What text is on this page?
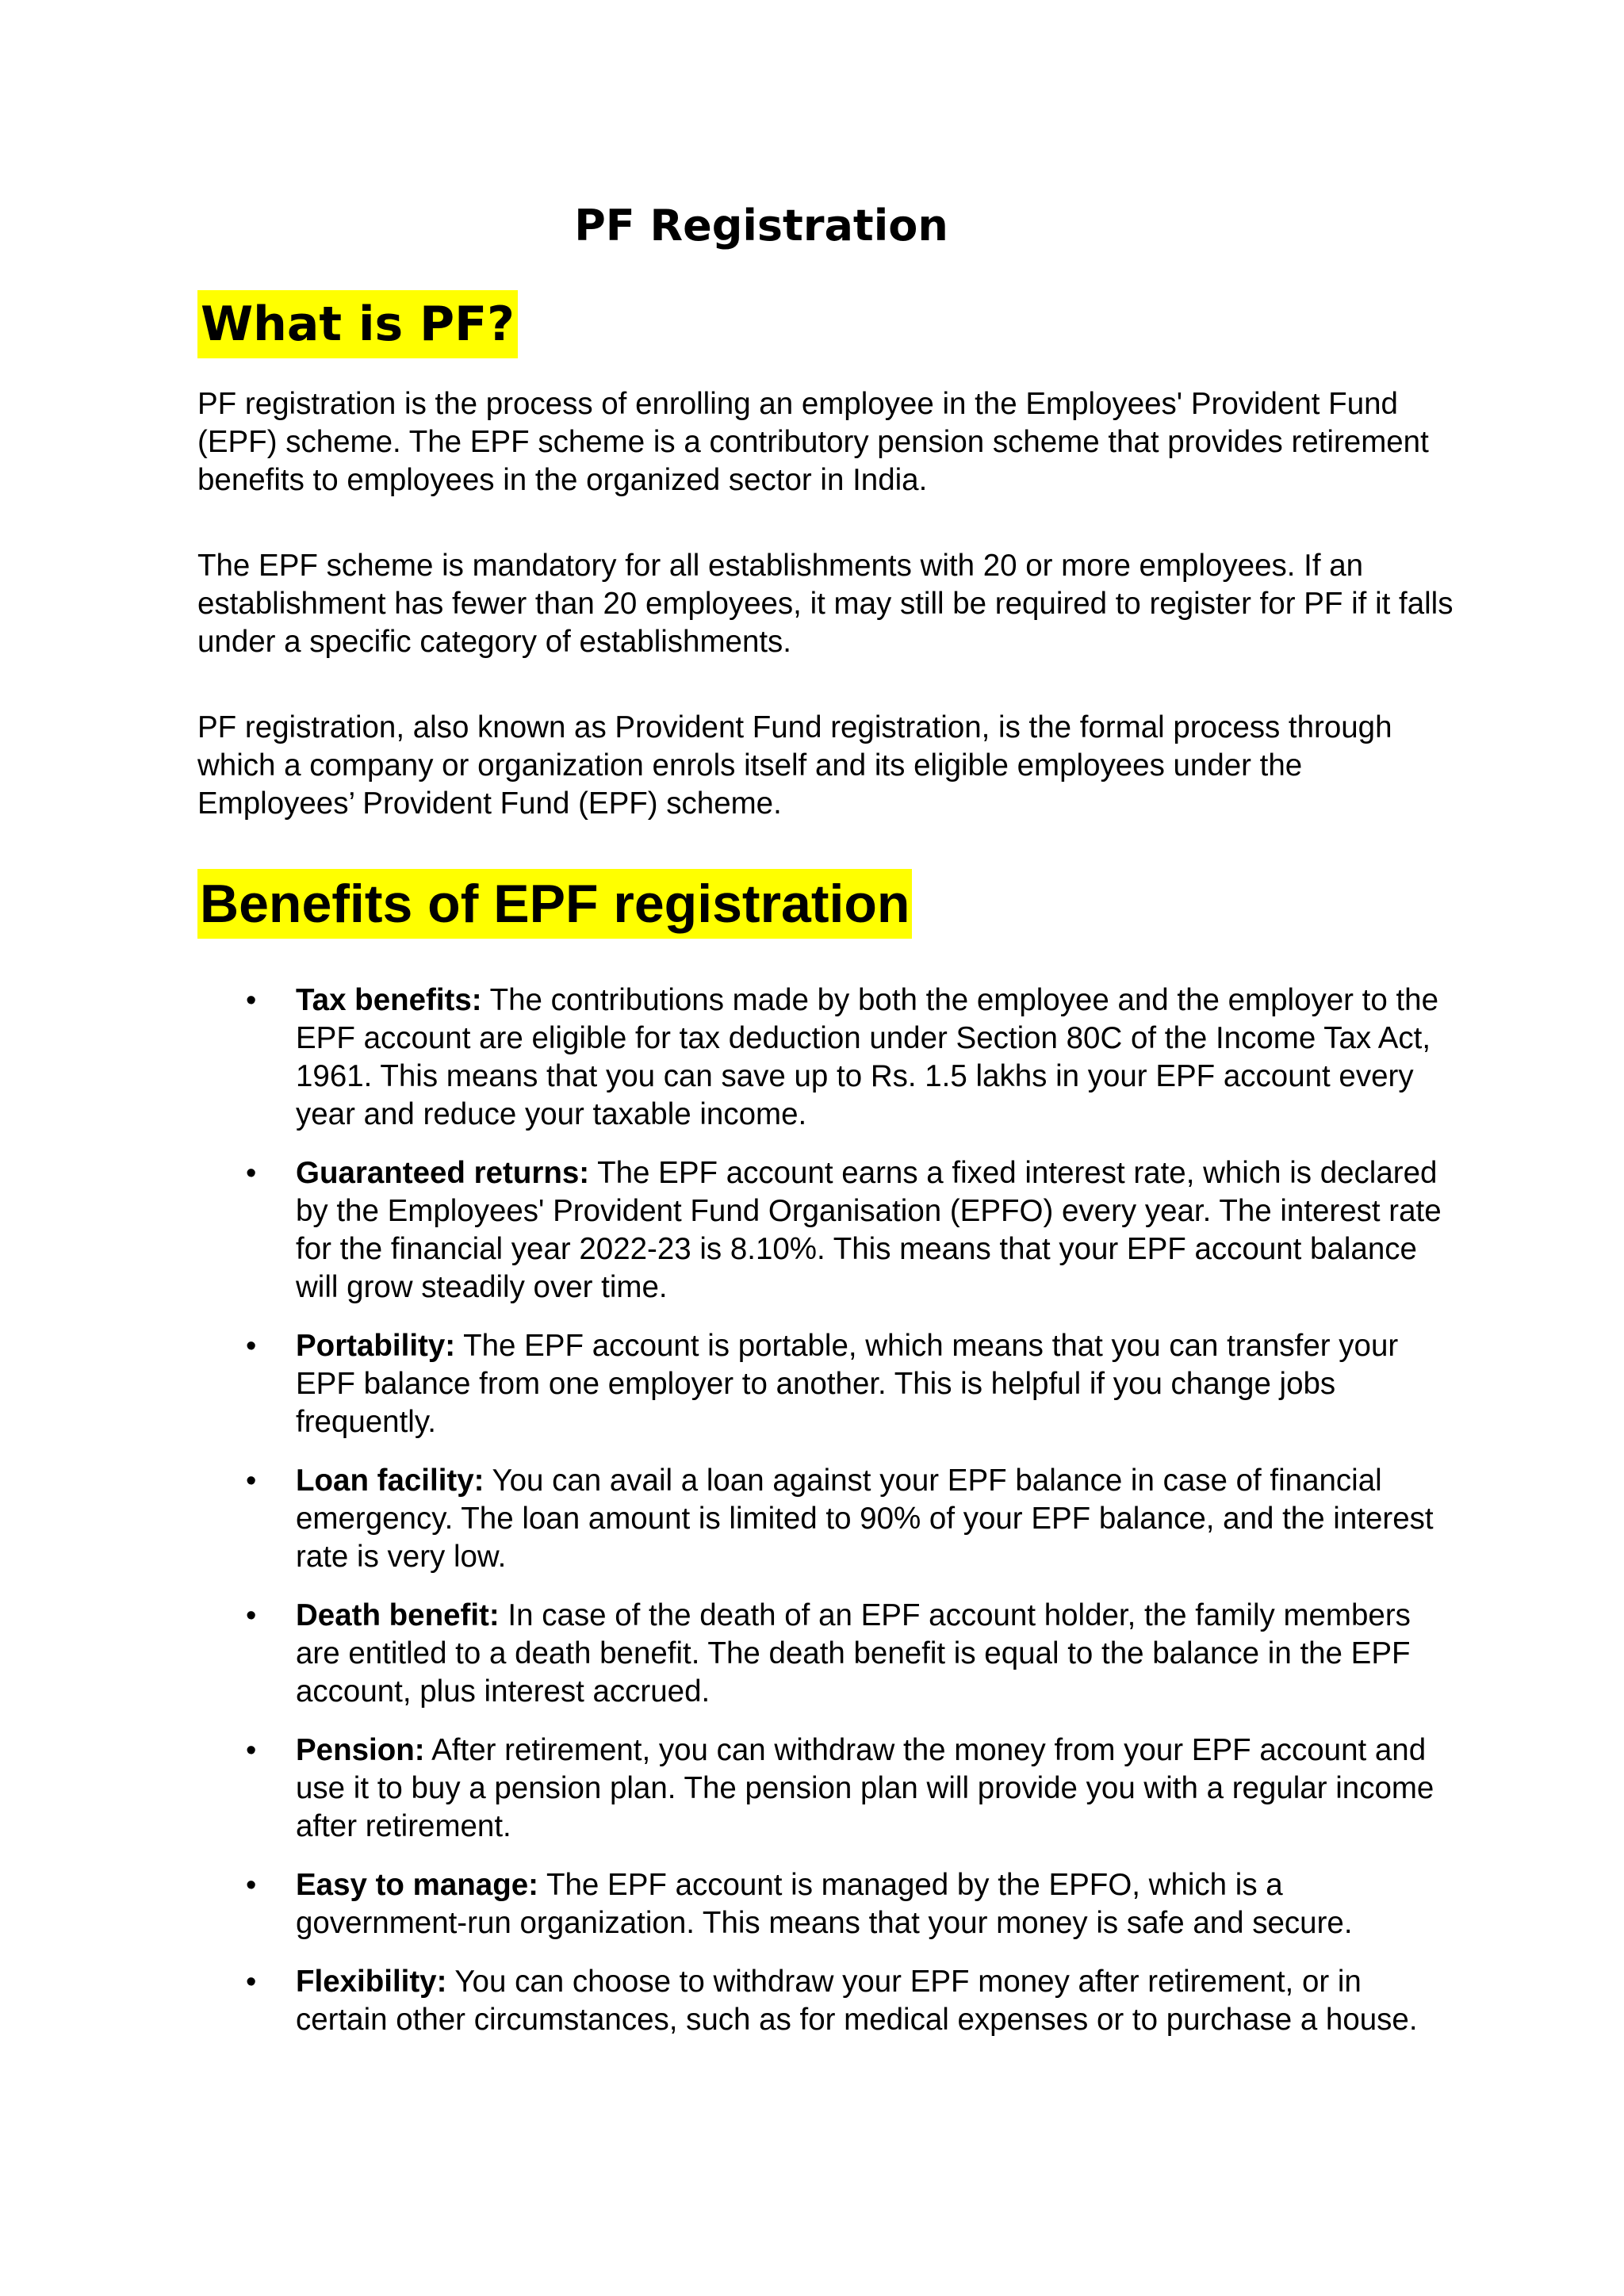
PF Registration
What is PF?

PF registration is the process of enrolling an employee in the Employees' Provident Fund (EPF) scheme. The EPF scheme is a contributory pension scheme that provides retirement benefits to employees in the organized sector in India.

The EPF scheme is mandatory for all establishments with 20 or more employees. If an establishment has fewer than 20 employees, it may still be required to register for PF if it falls under a specific category of establishments.

PF registration, also known as Provident Fund registration, is the formal process through which a company or organization enrols itself and its eligible employees under the Employees’ Provident Fund (EPF) scheme.

Benefits of EPF registration
• Tax benefits: The contributions made by both the employee and the employer to the EPF account are eligible for tax deduction under Section 80C of the Income Tax Act, 1961. This means that you can save up to Rs. 1.5 lakhs in your EPF account every year and reduce your taxable income.
• Guaranteed returns: The EPF account earns a fixed interest rate, which is declared by the Employees' Provident Fund Organisation (EPFO) every year. The interest rate for the financial year 2022-23 is 8.10%. This means that your EPF account balance will grow steadily over time.
• Portability: The EPF account is portable, which means that you can transfer your EPF balance from one employer to another. This is helpful if you change jobs frequently.
• Loan facility: You can avail a loan against your EPF balance in case of financial emergency. The loan amount is limited to 90% of your EPF balance, and the interest rate is very low.
• Death benefit: In case of the death of an EPF account holder, the family members are entitled to a death benefit. The death benefit is equal to the balance in the EPF account, plus interest accrued.
• Pension: After retirement, you can withdraw the money from your EPF account and use it to buy a pension plan. The pension plan will provide you with a regular income after retirement.
• Easy to manage: The EPF account is managed by the EPFO, which is a government-run organization. This means that your money is safe and secure.
• Flexibility: You can choose to withdraw your EPF money after retirement, or in certain other circumstances, such as for medical expenses or to purchase a house.
